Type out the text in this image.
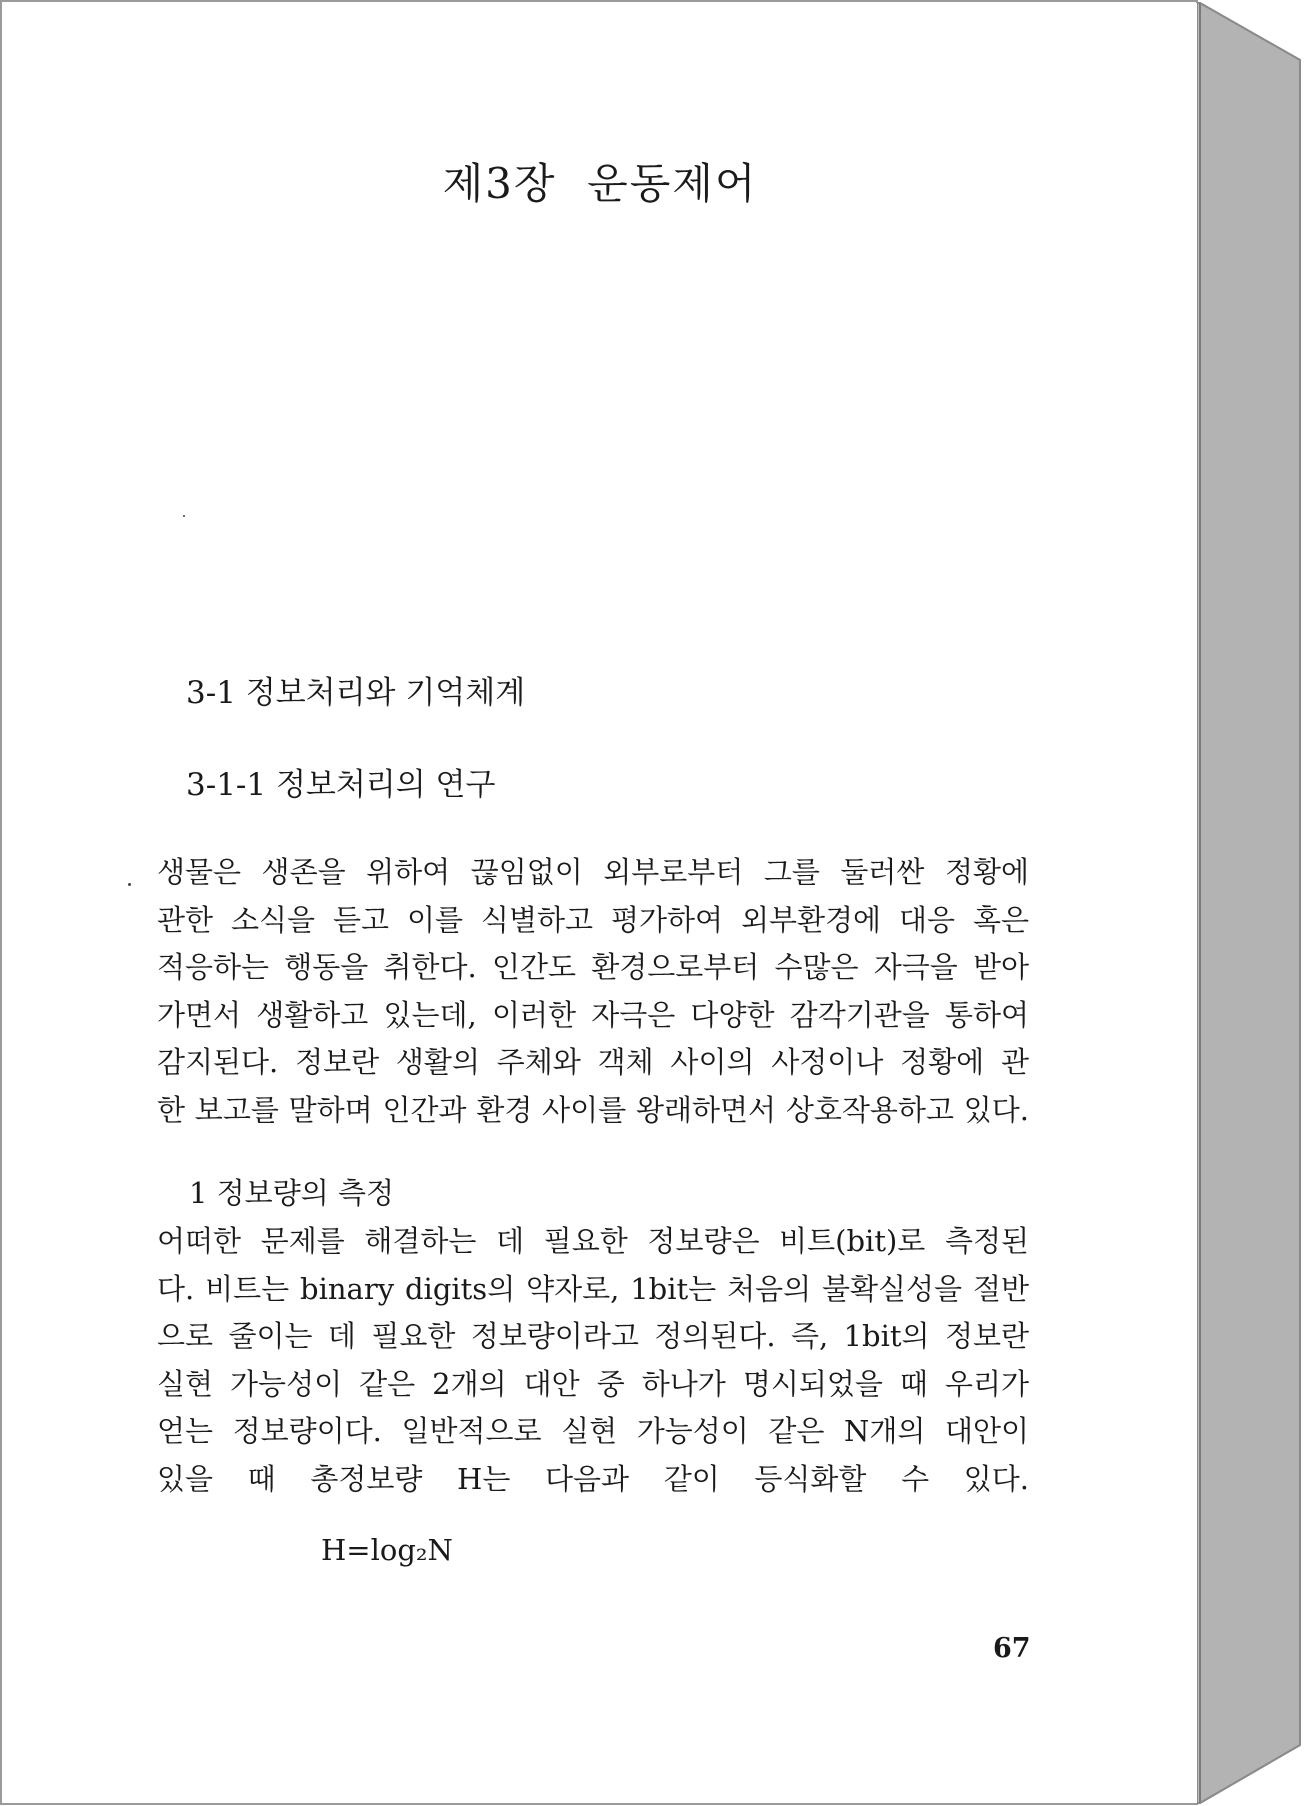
제3장  운동제어
3-1 정보처리와 기억체계
3-1-1 정보처리의 연구

생물은 생존을 위하여 끊임없이 외부로부터 그를 둘러싼 정황에
관한 소식을 듣고 이를 식별하고 평가하여 외부환경에 대응 혹은
적응하는 행동을 취한다. 인간도 환경으로부터 수많은 자극을 받아
가면서 생활하고 있는데, 이러한 자극은 다양한 감각기관을 통하여
감지된다. 정보란 생활의 주체와 객체 사이의 사정이나 정황에 관
한 보고를 말하며 인간과 환경 사이를 왕래하면서 상호작용하고 있다.

1 정보량의 측정

어떠한 문제를 해결하는 데 필요한 정보량은 비트(bit)로 측정된
다. 비트는 binary digits의 약자로, 1bit는 처음의 불확실성을 절반
으로 줄이는 데 필요한 정보량이라고 정의된다. 즉, 1bit의 정보란
실현 가능성이 같은 2개의 대안 중 하나가 명시되었을 때 우리가
얻는 정보량이다. 일반적으로 실현 가능성이 같은 N개의 대안이
있을 때 총정보량 H는 다음과 같이 등식화할 수 있다.

H=log₂N

67
